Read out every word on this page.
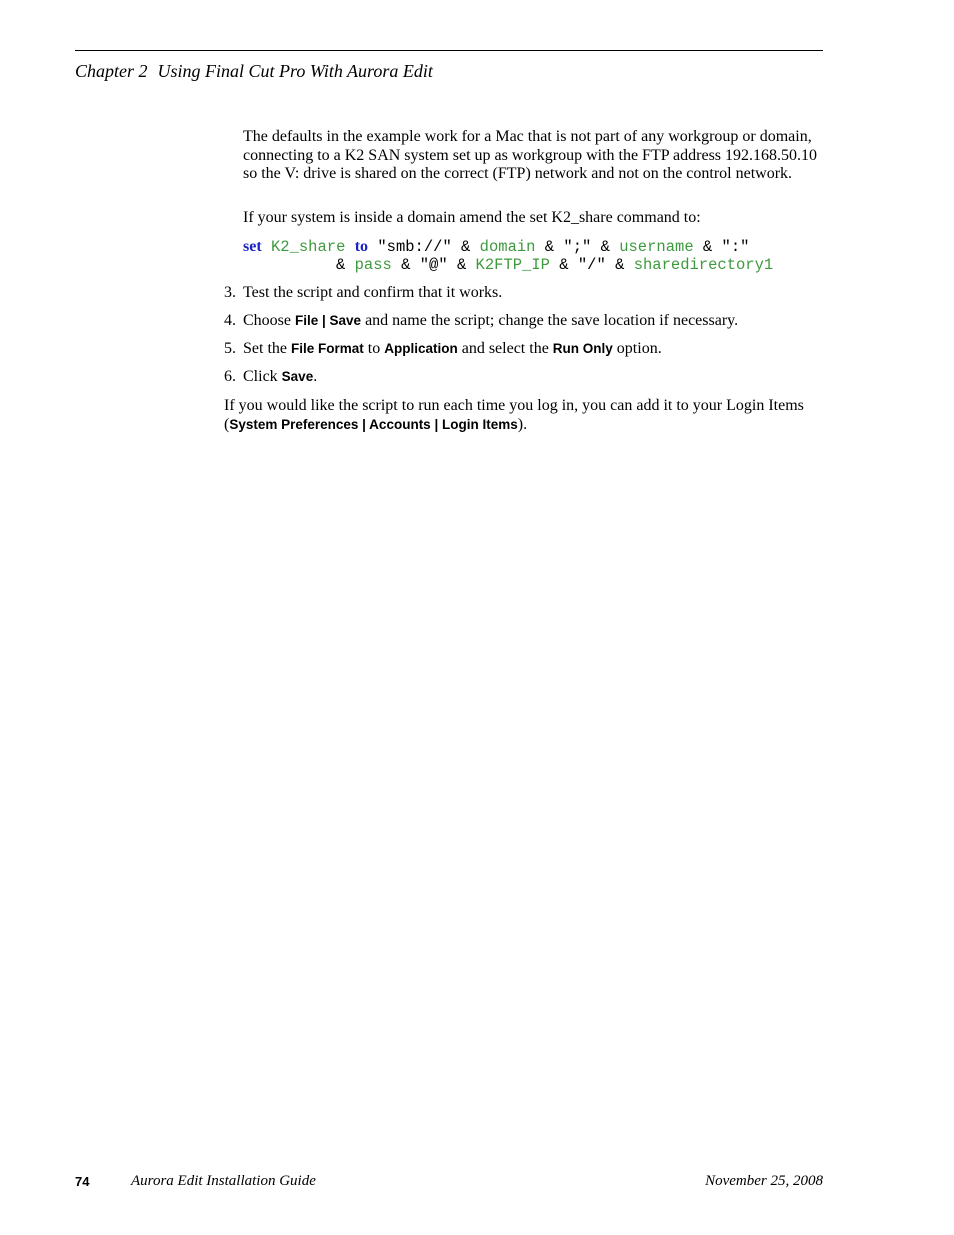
Chapter 2 Using Final Cut Pro With Aurora Edit
The defaults in the example work for a Mac that is not part of any workgroup or domain, connecting to a K2 SAN system set up as workgroup with the FTP address 192.168.50.10 so the V: drive is shared on the correct (FTP) network and not on the control network.
If your system is inside a domain amend the set K2_share command to:
set K2_share to "smb://" & domain & ";" & username & ":"
& pass & "@" & K2FTP_IP & "/" & sharedirectory1
3. Test the script and confirm that it works.
4. Choose File | Save and name the script; change the save location if necessary.
5. Set the File Format to Application and select the Run Only option.
6. Click Save.
If you would like the script to run each time you log in, you can add it to your Login Items (System Preferences | Accounts | Login Items).
74	Aurora Edit Installation Guide	November 25, 2008
